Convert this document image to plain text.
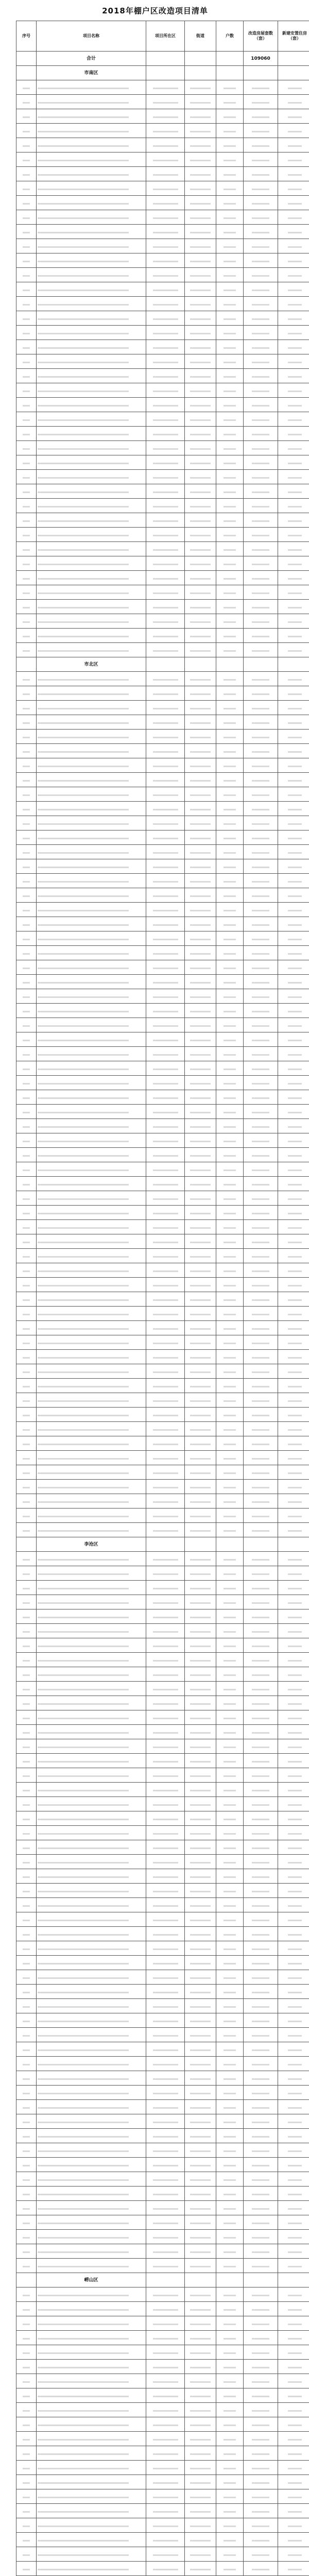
2018年棚户区改造项目清单
序号	项目名称	项目所在区	街道	户数	改造房屋套数（套）	新建安置住房（套）
	合计				109060	
	市南区					

	市北区					

	李沧区					

	崂山区					
